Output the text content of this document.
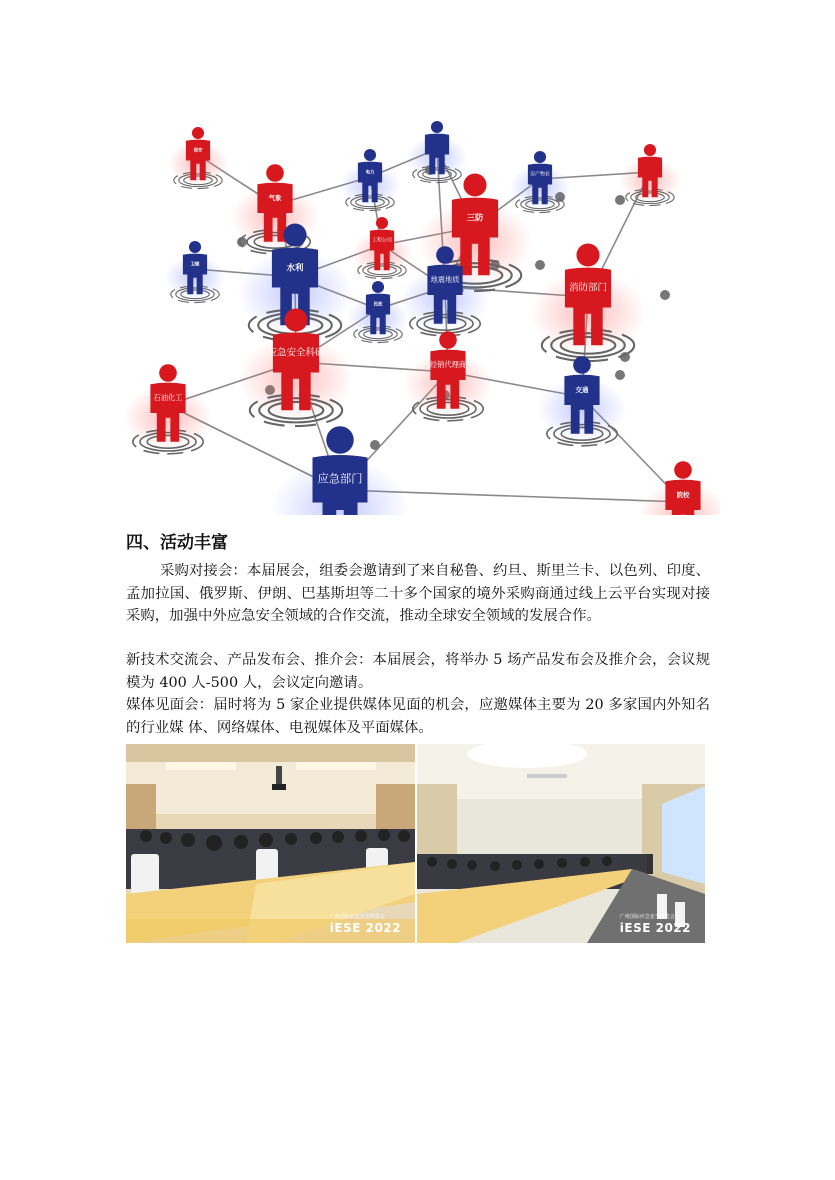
保安
气象
电力
三防
房产物业
水利
工程公司
卫健
地震地质
消防部门
民政
应急安全科研
经销代理商
石油化工
交通
应急部门
院校
四、活动丰富

采购对接会：本届展会，组委会邀请到了来自秘鲁、约旦、斯里兰卡、以色列、印度、孟加拉国、俄罗斯、伊朗、巴基斯坦等二十多个国家的境外采购商通过线上云平台实现对接采购，加强中外应急安全领域的合作交流，推动全球安全领域的发展合作。

新技术交流会、产品发布会、推介会：本届展会，将举办 5 场产品发布会及推介会，会议规模为 400 人-500 人，会议定向邀请。

媒体见面会：届时将为 5 家企业提供媒体见面的机会，应邀媒体主要为 20 多家国内外知名的行业媒 体、网络媒体、电视媒体及平面媒体。

广州国际应急安全博览会
iESE 2022
广州国际应急安全博览会
iESE 2022
